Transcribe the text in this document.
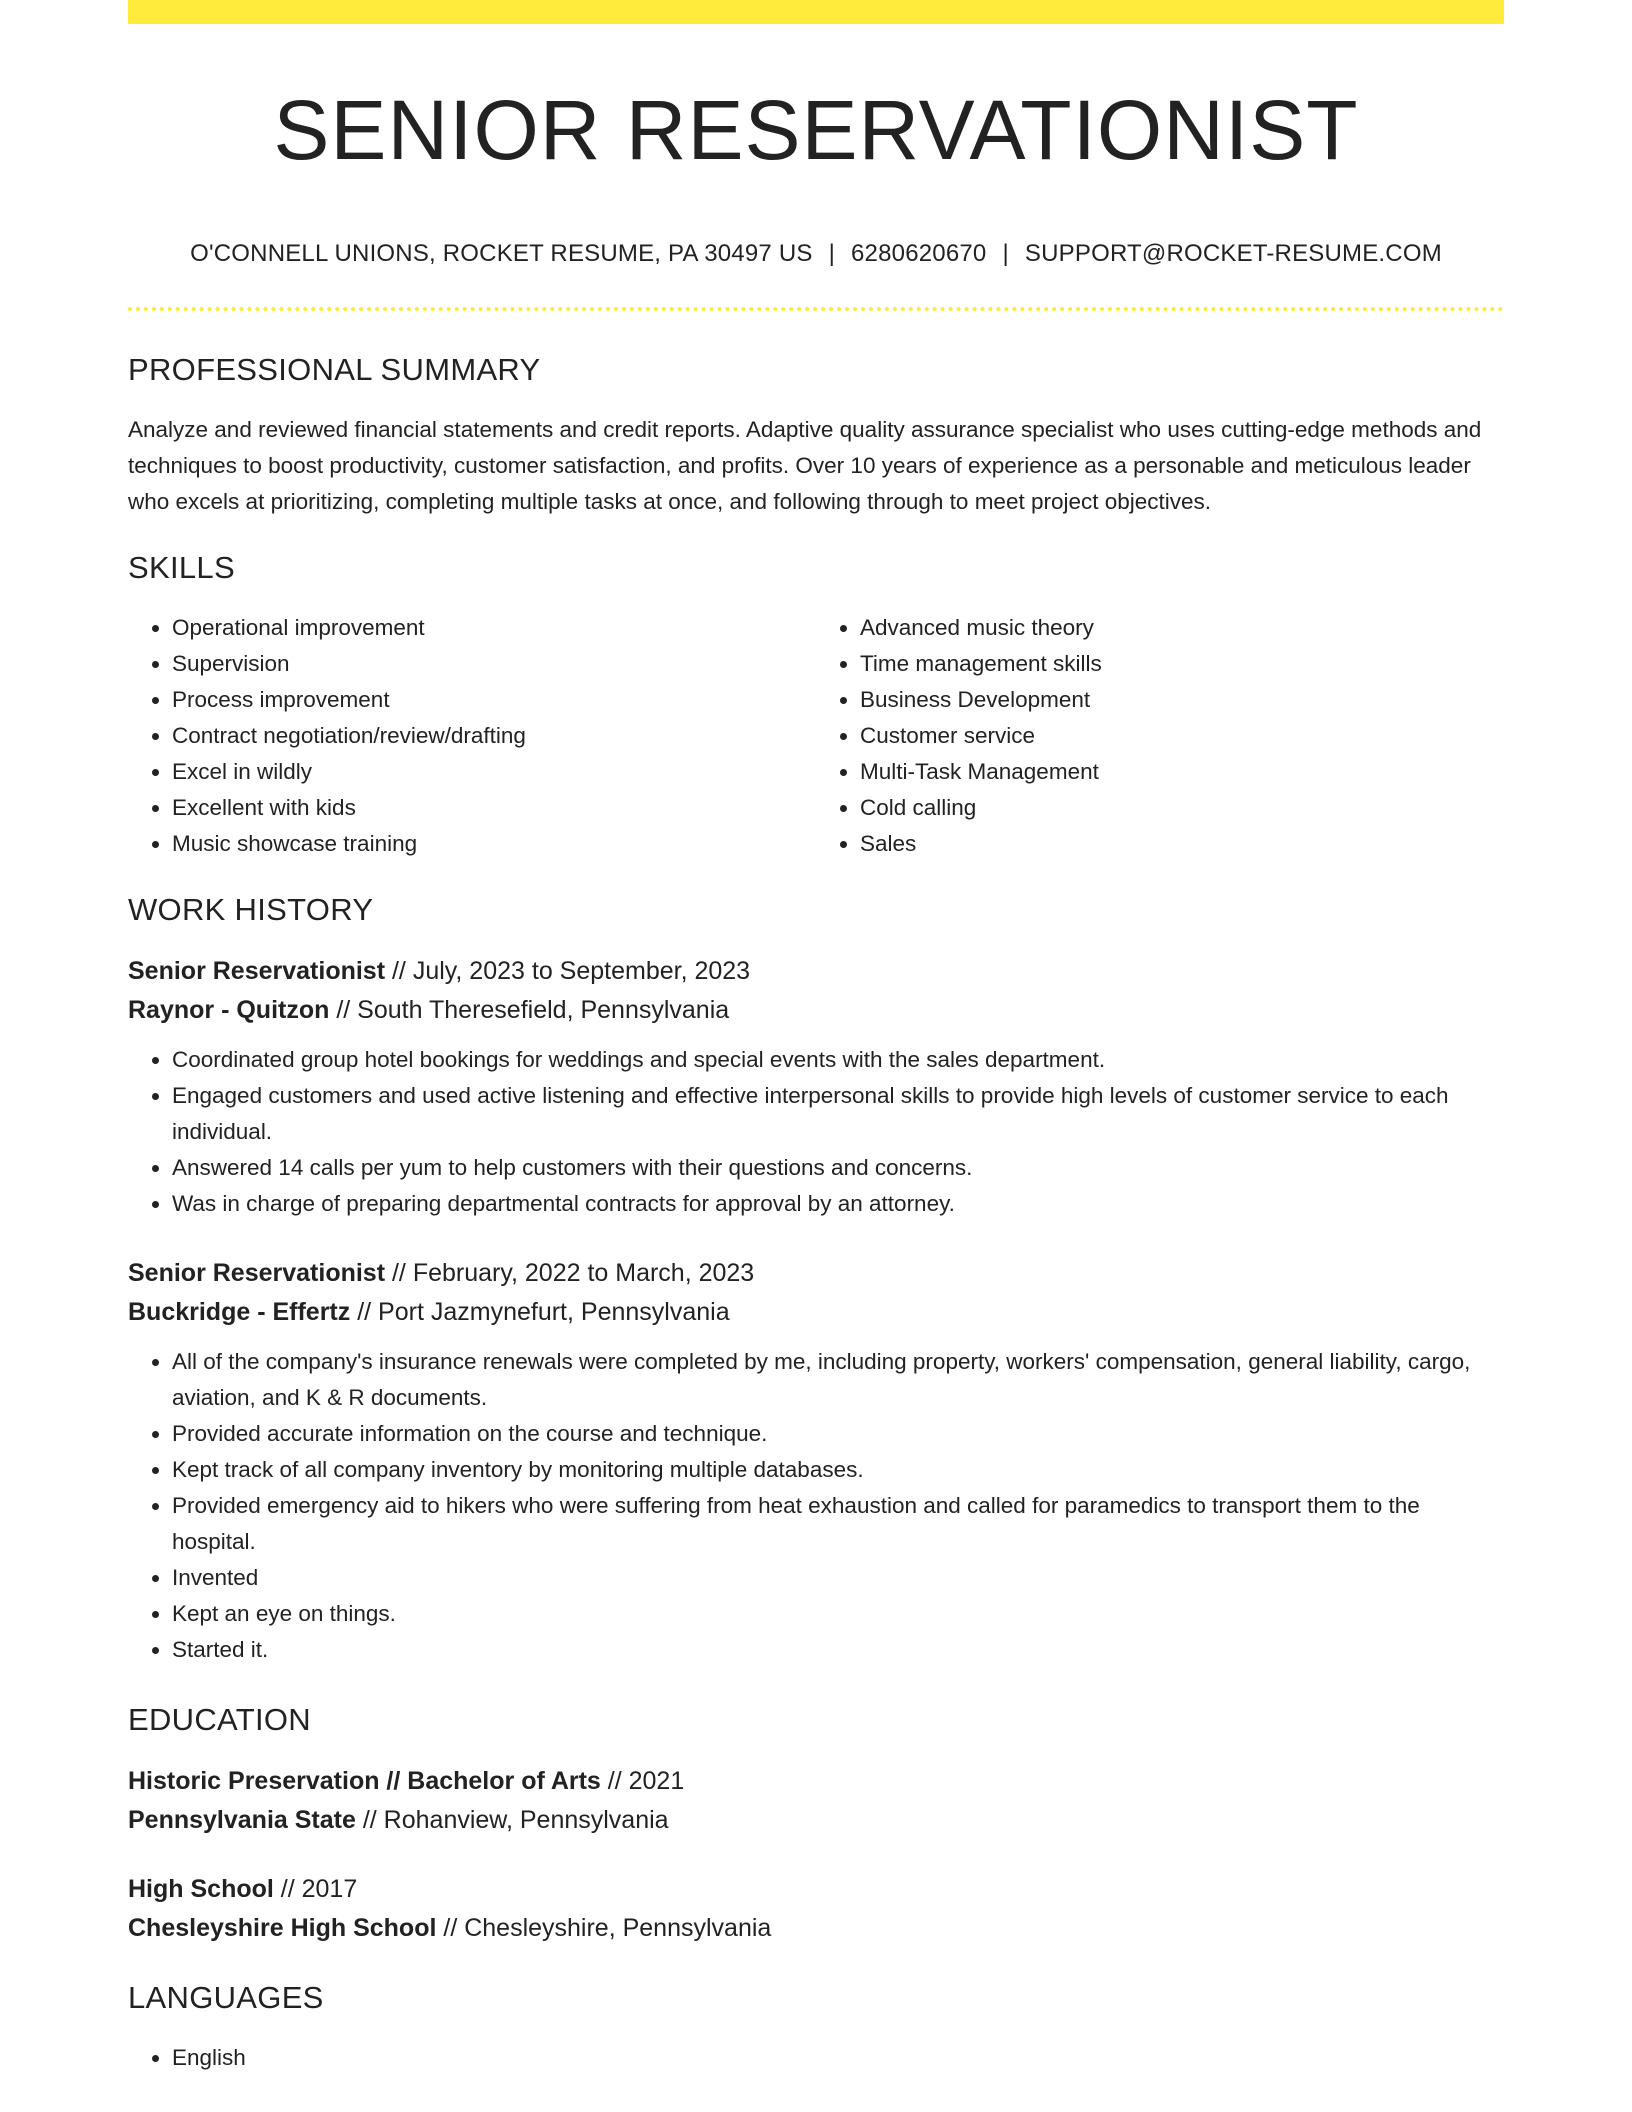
SENIOR RESERVATIONIST
O'CONNELL UNIONS, ROCKET RESUME, PA 30497 US | 6280620670 | SUPPORT@ROCKET-RESUME.COM
PROFESSIONAL SUMMARY

Analyze and reviewed financial statements and credit reports. Adaptive quality assurance specialist who uses cutting-edge methods and techniques to boost productivity, customer satisfaction, and profits. Over 10 years of experience as a personable and meticulous leader who excels at prioritizing, completing multiple tasks at once, and following through to meet project objectives.

SKILLS
• Operational improvement
• Supervision
• Process improvement
• Contract negotiation/review/drafting
• Excel in wildly
• Excellent with kids
• Music showcase training
• Advanced music theory
• Time management skills
• Business Development
• Customer service
• Multi-Task Management
• Cold calling
• Sales
WORK HISTORY
Senior Reservationist // July, 2023 to September, 2023
Raynor - Quitzon // South Theresefield, Pennsylvania
• Coordinated group hotel bookings for weddings and special events with the sales department.
• Engaged customers and used active listening and effective interpersonal skills to provide high levels of customer service to each individual.
• Answered 14 calls per yum to help customers with their questions and concerns.
• Was in charge of preparing departmental contracts for approval by an attorney.
Senior Reservationist // February, 2022 to March, 2023
Buckridge - Effertz // Port Jazmynefurt, Pennsylvania
• All of the company's insurance renewals were completed by me, including property, workers' compensation, general liability, cargo, aviation, and K & R documents.
• Provided accurate information on the course and technique.
• Kept track of all company inventory by monitoring multiple databases.
• Provided emergency aid to hikers who were suffering from heat exhaustion and called for paramedics to transport them to the hospital.
• Invented
• Kept an eye on things.
• Started it.
EDUCATION
Historic Preservation // Bachelor of Arts // 2021
Pennsylvania State // Rohanview, Pennsylvania
High School // 2017
Chesleyshire High School // Chesleyshire, Pennsylvania
LANGUAGES
• English
